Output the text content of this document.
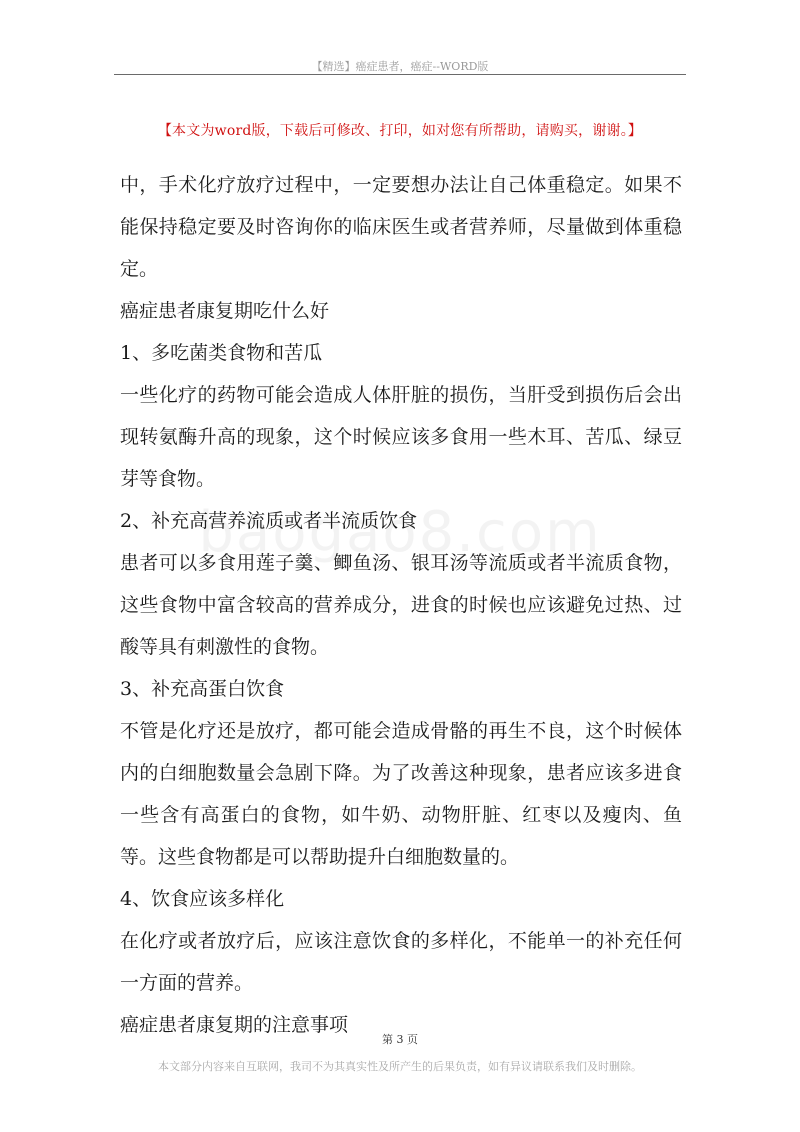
【精选】癌症患者，癌症--WORD版
【本文为word版，下载后可修改、打印，如对您有所帮助，请购买，谢谢。】

中，手术化疗放疗过程中，一定要想办法让自己体重稳定。如果不能保持稳定要及时咨询你的临床医生或者营养师，尽量做到体重稳定。

癌症患者康复期吃什么好

1、多吃菌类食物和苦瓜

一些化疗的药物可能会造成人体肝脏的损伤，当肝受到损伤后会出现转氨酶升高的现象，这个时候应该多食用一些木耳、苦瓜、绿豆芽等食物。

2、补充高营养流质或者半流质饮食

患者可以多食用莲子羹、鲫鱼汤、银耳汤等流质或者半流质食物，这些食物中富含较高的营养成分，进食的时候也应该避免过热、过酸等具有刺激性的食物。

3、补充高蛋白饮食

不管是化疗还是放疗，都可能会造成骨骼的再生不良，这个时候体内的白细胞数量会急剧下降。为了改善这种现象，患者应该多进食一些含有高蛋白的食物，如牛奶、动物肝脏、红枣以及瘦肉、鱼等。这些食物都是可以帮助提升白细胞数量的。

4、饮食应该多样化

在化疗或者放疗后，应该注意饮食的多样化，不能单一的补充任何一方面的营养。

癌症患者康复期的注意事项

第 3 页
本文部分内容来自互联网，我司不为其真实性及所产生的后果负责，如有异议请联系我们及时删除。
